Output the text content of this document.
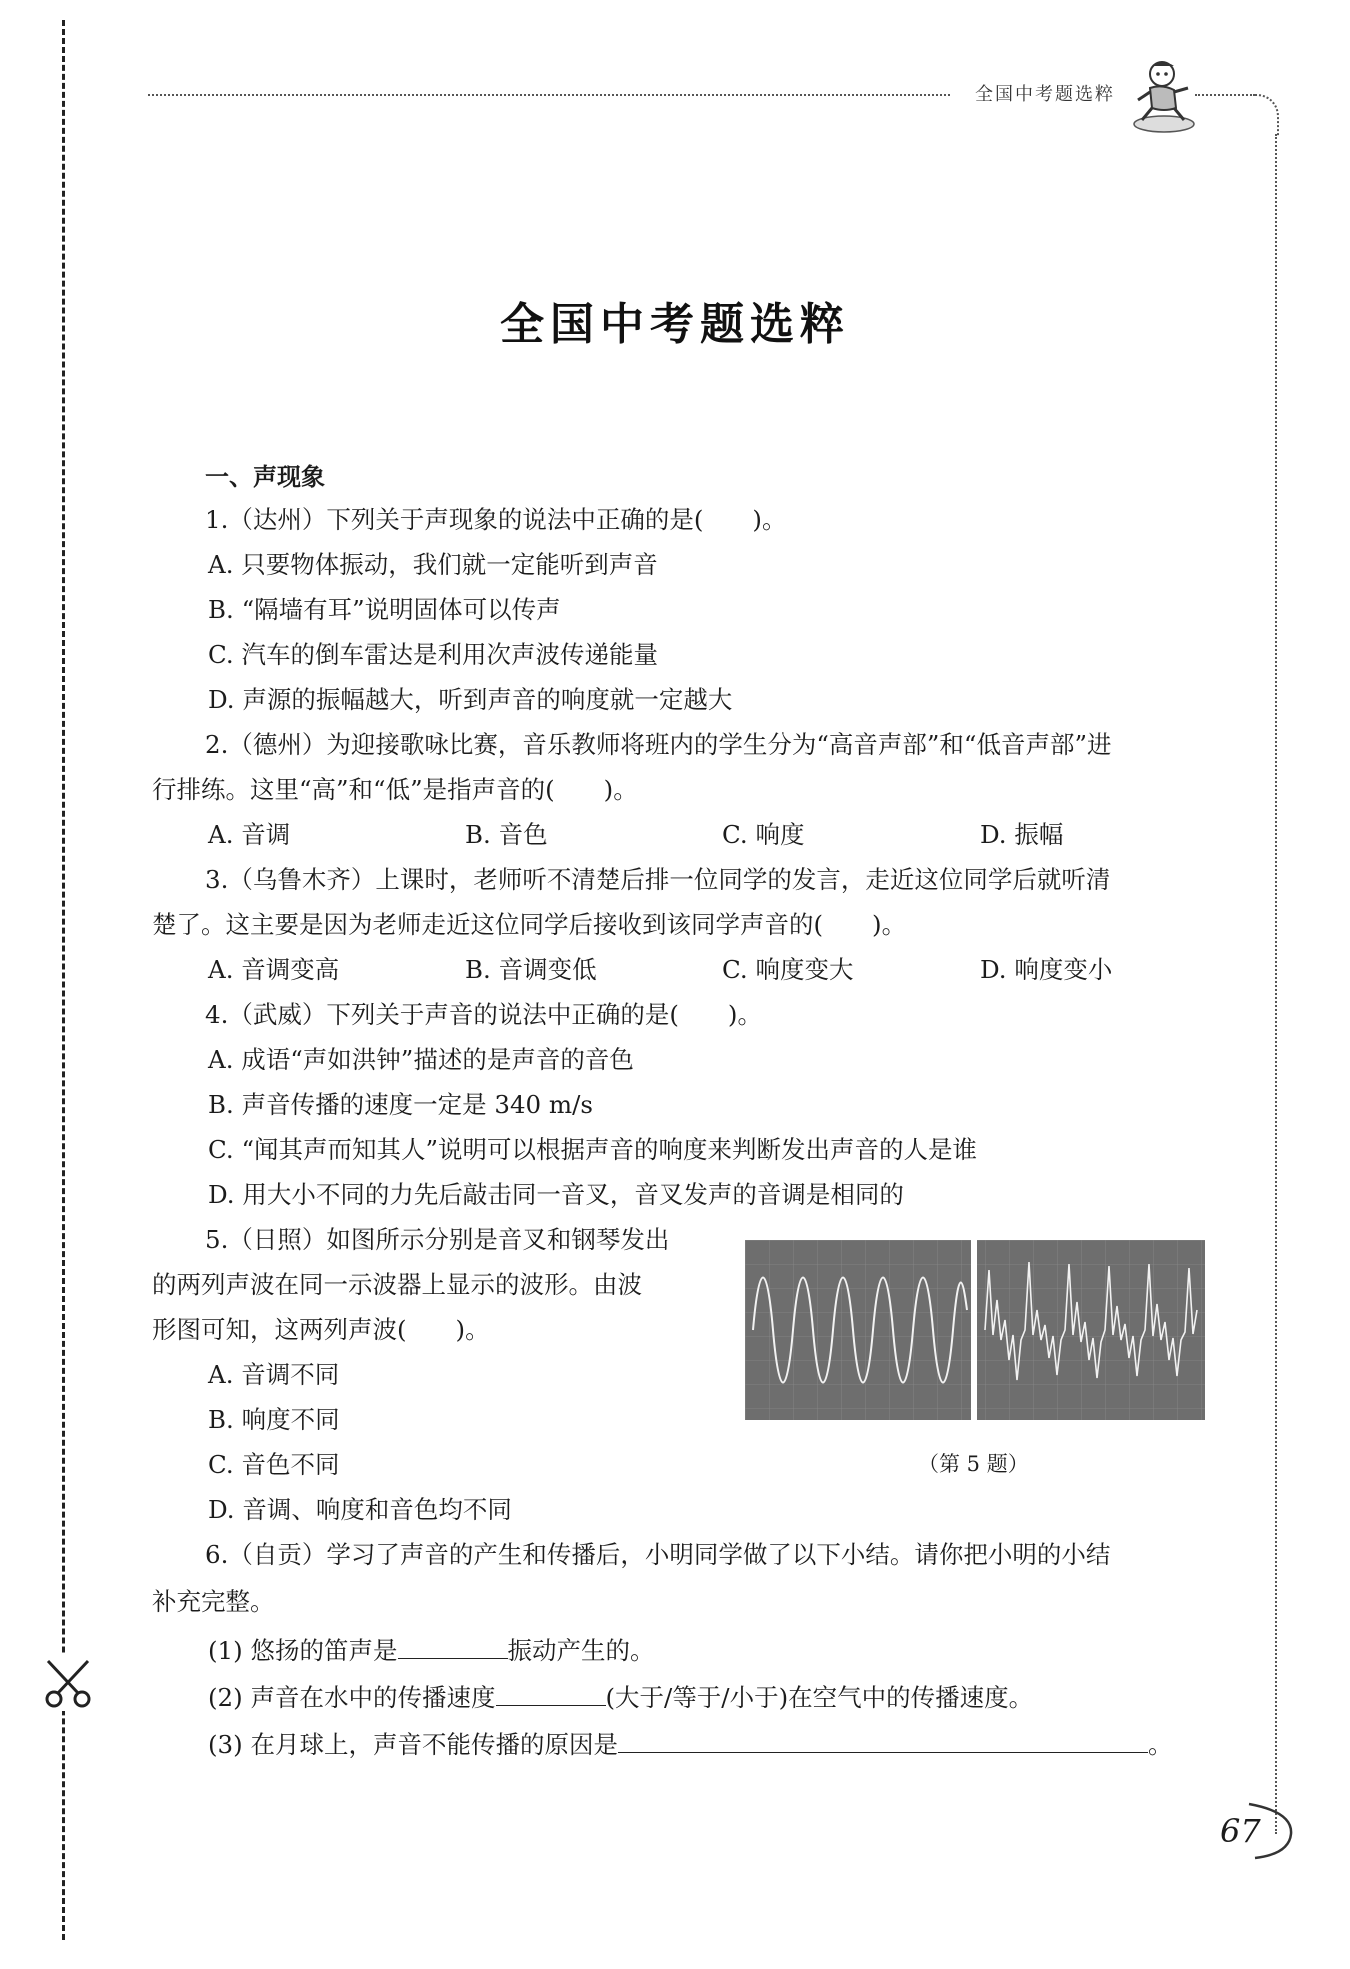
全国中考题选粹
全国中考题选粹
一、声现象
1.（达州）下列关于声现象的说法中正确的是(　　)。
A. 只要物体振动，我们就一定能听到声音
B. “隔墙有耳”说明固体可以传声
C. 汽车的倒车雷达是利用次声波传递能量
D. 声源的振幅越大，听到声音的响度就一定越大
2.（德州）为迎接歌咏比赛，音乐教师将班内的学生分为“高音声部”和“低音声部”进
行排练。这里“高”和“低”是指声音的(　　)。
A. 音调	B. 音色	C. 响度	D. 振幅
3.（乌鲁木齐）上课时，老师听不清楚后排一位同学的发言，走近这位同学后就听清
楚了。这主要是因为老师走近这位同学后接收到该同学声音的(　　)。
A. 音调变高	B. 音调变低	C. 响度变大	D. 响度变小
4.（武威）下列关于声音的说法中正确的是(　　)。
A. 成语“声如洪钟”描述的是声音的音色
B. 声音传播的速度一定是 340 m/s
C. “闻其声而知其人”说明可以根据声音的响度来判断发出声音的人是谁
D. 用大小不同的力先后敲击同一音叉，音叉发声的音调是相同的
5.（日照）如图所示分别是音叉和钢琴发出
的两列声波在同一示波器上显示的波形。由波
形图可知，这两列声波(　　)。
A. 音调不同
B. 响度不同
C. 音色不同
D. 音调、响度和音色均不同
（第 5 题）
6.（自贡）学习了声音的产生和传播后，小明同学做了以下小结。请你把小明的小结
补充完整。
(1) 悠扬的笛声是	振动产生的。
(2) 声音在水中的传播速度	(大于/等于/小于)在空气中的传播速度。
(3) 在月球上，声音不能传播的原因是	。
67
